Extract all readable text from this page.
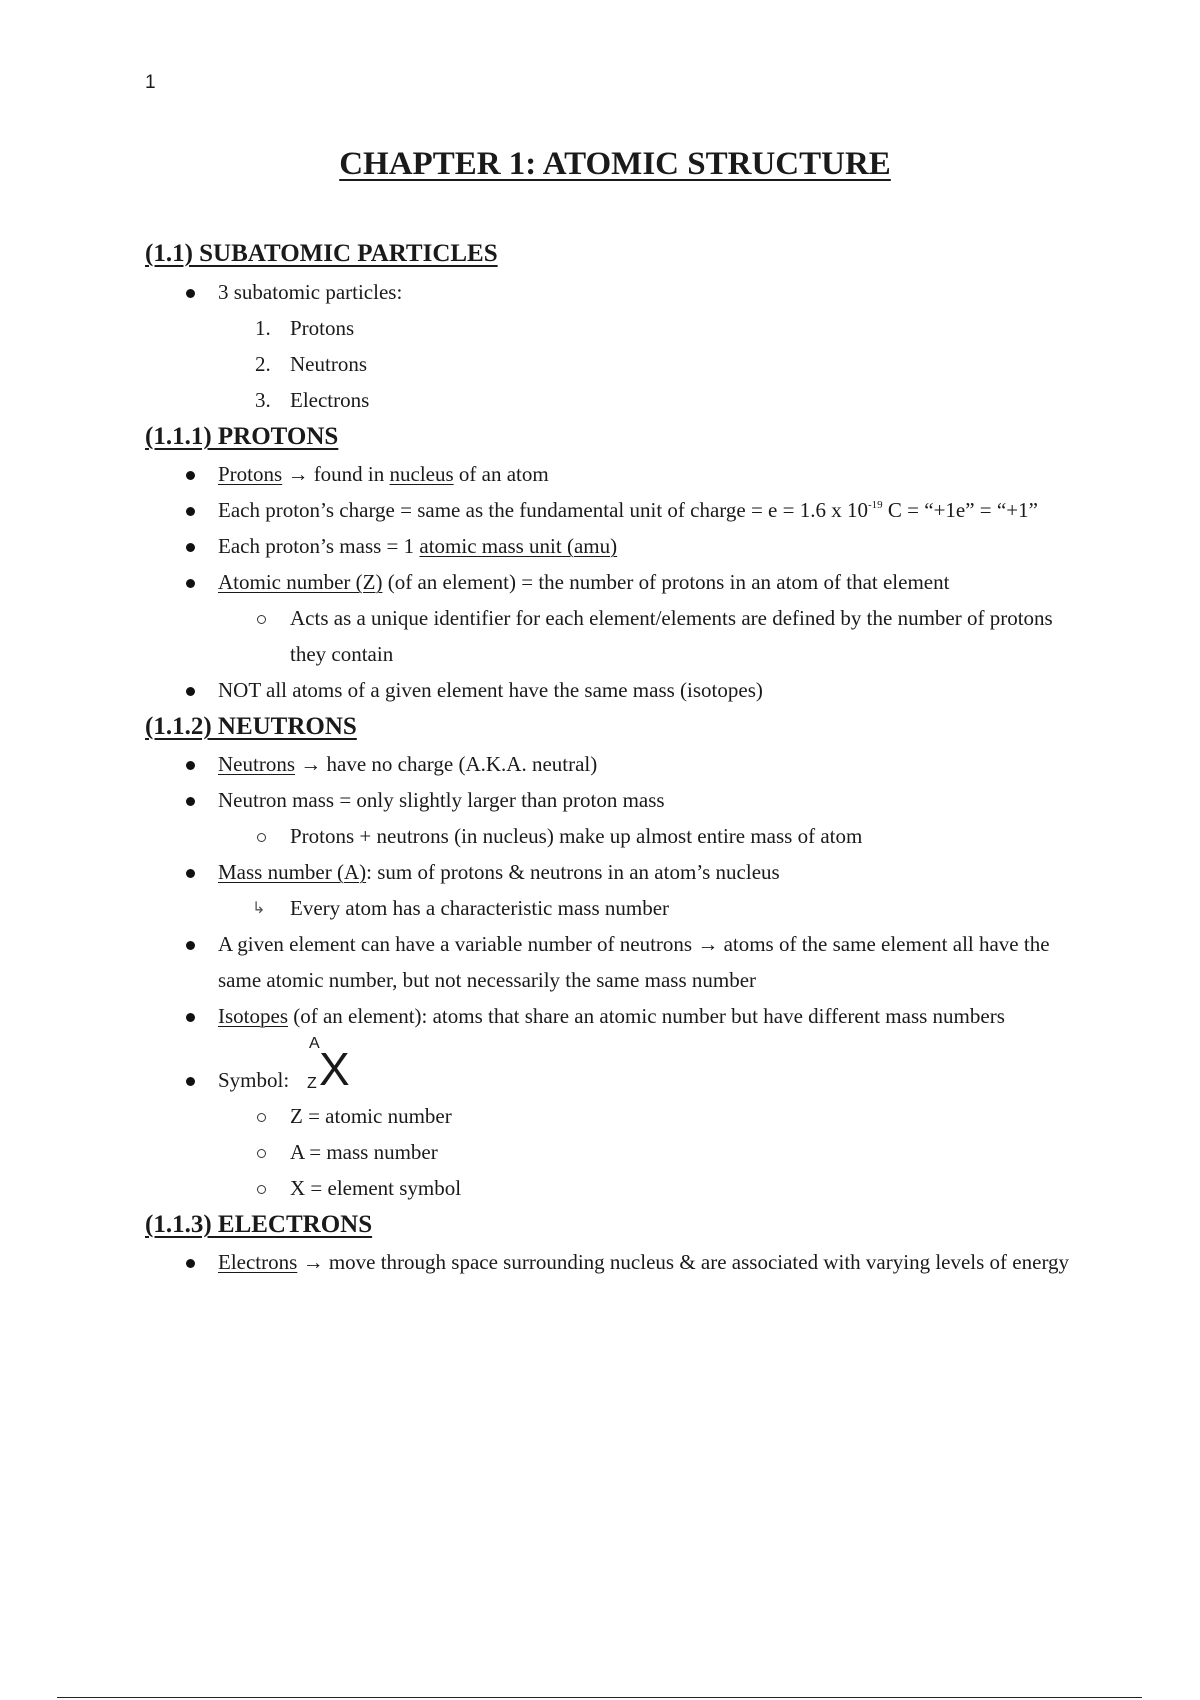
1
CHAPTER 1: ATOMIC STRUCTURE
(1.1) SUBATOMIC PARTICLES
3 subatomic particles:
1. Protons
2. Neutrons
3. Electrons
(1.1.1) PROTONS
Protons → found in nucleus of an atom
Each proton’s charge = same as the fundamental unit of charge = e = 1.6 x $10^{-19}$ C = “+1e” = “+1”
Each proton’s mass = 1 atomic mass unit (amu)
Atomic number (Z) (of an element) = the number of protons in an atom of that element
Acts as a unique identifier for each element/elements are defined by the number of protons they contain
NOT all atoms of a given element have the same mass (isotopes)
(1.1.2) NEUTRONS
Neutrons → have no charge (A.K.A. neutral)
Neutron mass = only slightly larger than proton mass
Protons + neutrons (in nucleus) make up almost entire mass of atom
Mass number (A): sum of protons & neutrons in an atom’s nucleus
↳ Every atom has a characteristic mass number
A given element can have a variable number of neutrons → atoms of the same element all have the same atomic number, but not necessarily the same mass number
Isotopes (of an element): atoms that share an atomic number but have different mass numbers
Symbol:
A X
Z
Z = atomic number
A = mass number
X = element symbol
(1.1.3) ELECTRONS
Electrons → move through space surrounding nucleus & are associated with varying levels of energy
